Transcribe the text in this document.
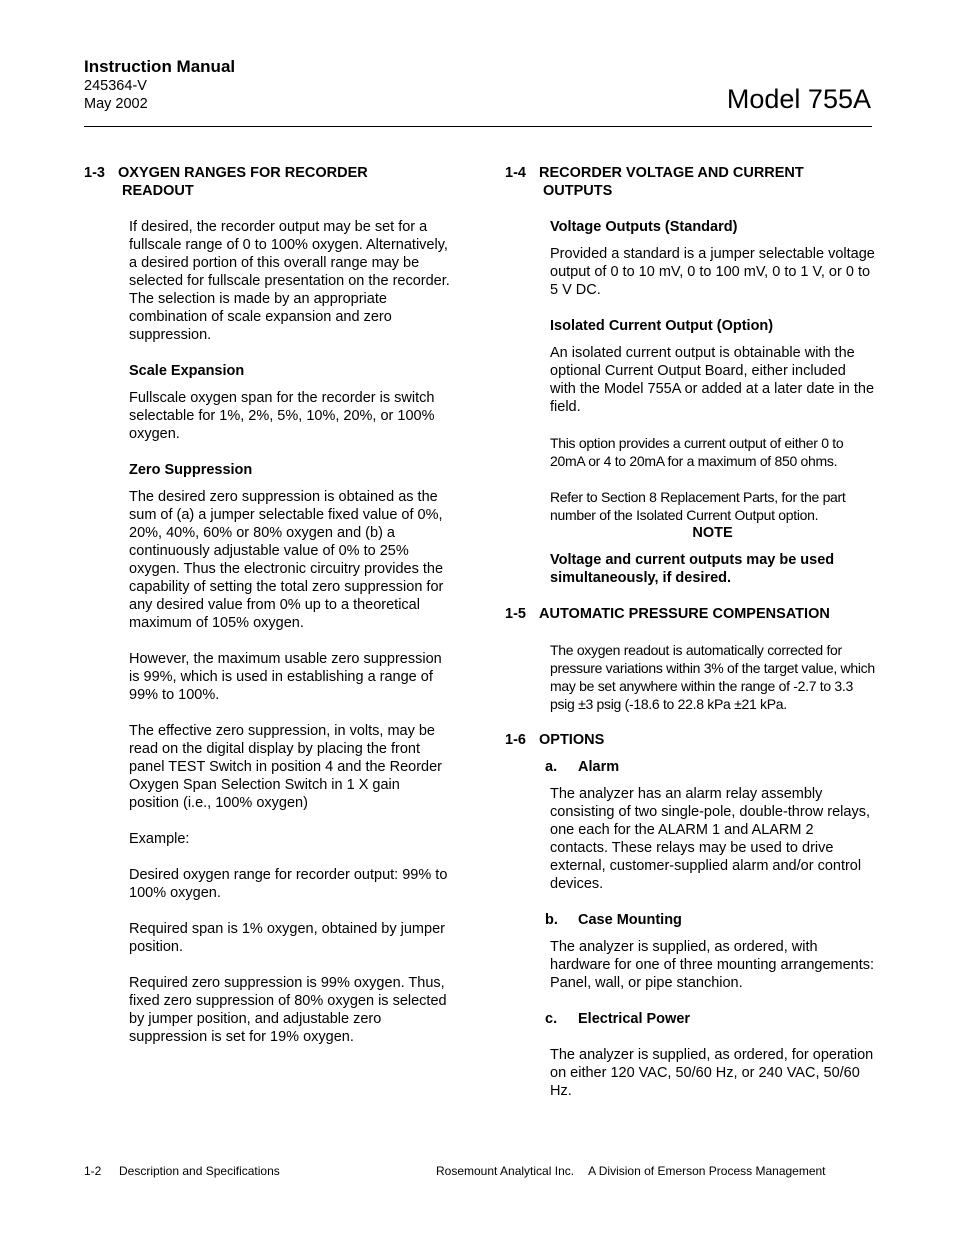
Instruction Manual
245364-V
May 2002	Model 755A
1-3 OXYGEN RANGES FOR RECORDER
READOUT

If desired, the recorder output may be set for a fullscale range of 0 to 100% oxygen. Alternatively, a desired portion of this overall range may be selected for fullscale presentation on the recorder. The selection is made by an appropriate combination of scale expansion and zero suppression.

Scale Expansion

Fullscale oxygen span for the recorder is switch selectable for 1%, 2%, 5%, 10%, 20%, or 100% oxygen.

Zero Suppression

The desired zero suppression is obtained as the sum of (a) a jumper selectable fixed value of 0%, 20%, 40%, 60% or 80% oxygen and (b) a continuously adjustable value of 0% to 25% oxygen. Thus the electronic circuitry provides the capability of setting the total zero suppression for any desired value from 0% up to a theoretical maximum of 105% oxygen.

However, the maximum usable zero suppression is 99%, which is used in establishing a range of 99% to 100%.

The effective zero suppression, in volts, may be read on the digital display by placing the front panel TEST Switch in position 4 and the Reorder Oxygen Span Selection Switch in 1 X gain position (i.e., 100% oxygen)

Example:

Desired oxygen range for recorder output: 99% to 100% oxygen.

Required span is 1% oxygen, obtained by jumper position.

Required zero suppression is 99% oxygen. Thus, fixed zero suppression of 80% oxygen is selected by jumper position, and adjustable zero suppression is set for 19% oxygen.

1-4 RECORDER VOLTAGE AND CURRENT
OUTPUTS

Voltage Outputs (Standard)

Provided a standard is a jumper selectable voltage output of 0 to 10 mV, 0 to 100 mV, 0 to 1 V, or 0 to 5 V DC.

Isolated Current Output (Option)

An isolated current output is obtainable with the optional Current Output Board, either included with the Model 755A or added at a later date in the field.

This option provides a current output of either 0 to 20mA or 4 to 20mA for a maximum of 850 ohms.

Refer to Section 8 Replacement Parts, for the part number of the Isolated Current Output option.

NOTE

Voltage and current outputs may be used simultaneously, if desired.

1-5 AUTOMATIC PRESSURE COMPENSATION

The oxygen readout is automatically corrected for pressure variations within 3% of the target value, which may be set anywhere within the range of -2.7 to 3.3 psig ±3 psig (-18.6 to 22.8 kPa ±21 kPa.

1-6 OPTIONS

a. Alarm

The analyzer has an alarm relay assembly consisting of two single-pole, double-throw relays, one each for the ALARM 1 and ALARM 2 contacts. These relays may be used to drive external, customer-supplied alarm and/or control devices.

b. Case Mounting

The analyzer is supplied, as ordered, with hardware for one of three mounting arrangements: Panel, wall, or pipe stanchion.

c. Electrical Power

The analyzer is supplied, as ordered, for operation on either 120 VAC, 50/60 Hz, or 240 VAC, 50/60 Hz.

1-2 Description and Specifications	Rosemount Analytical Inc. A Division of Emerson Process Management
